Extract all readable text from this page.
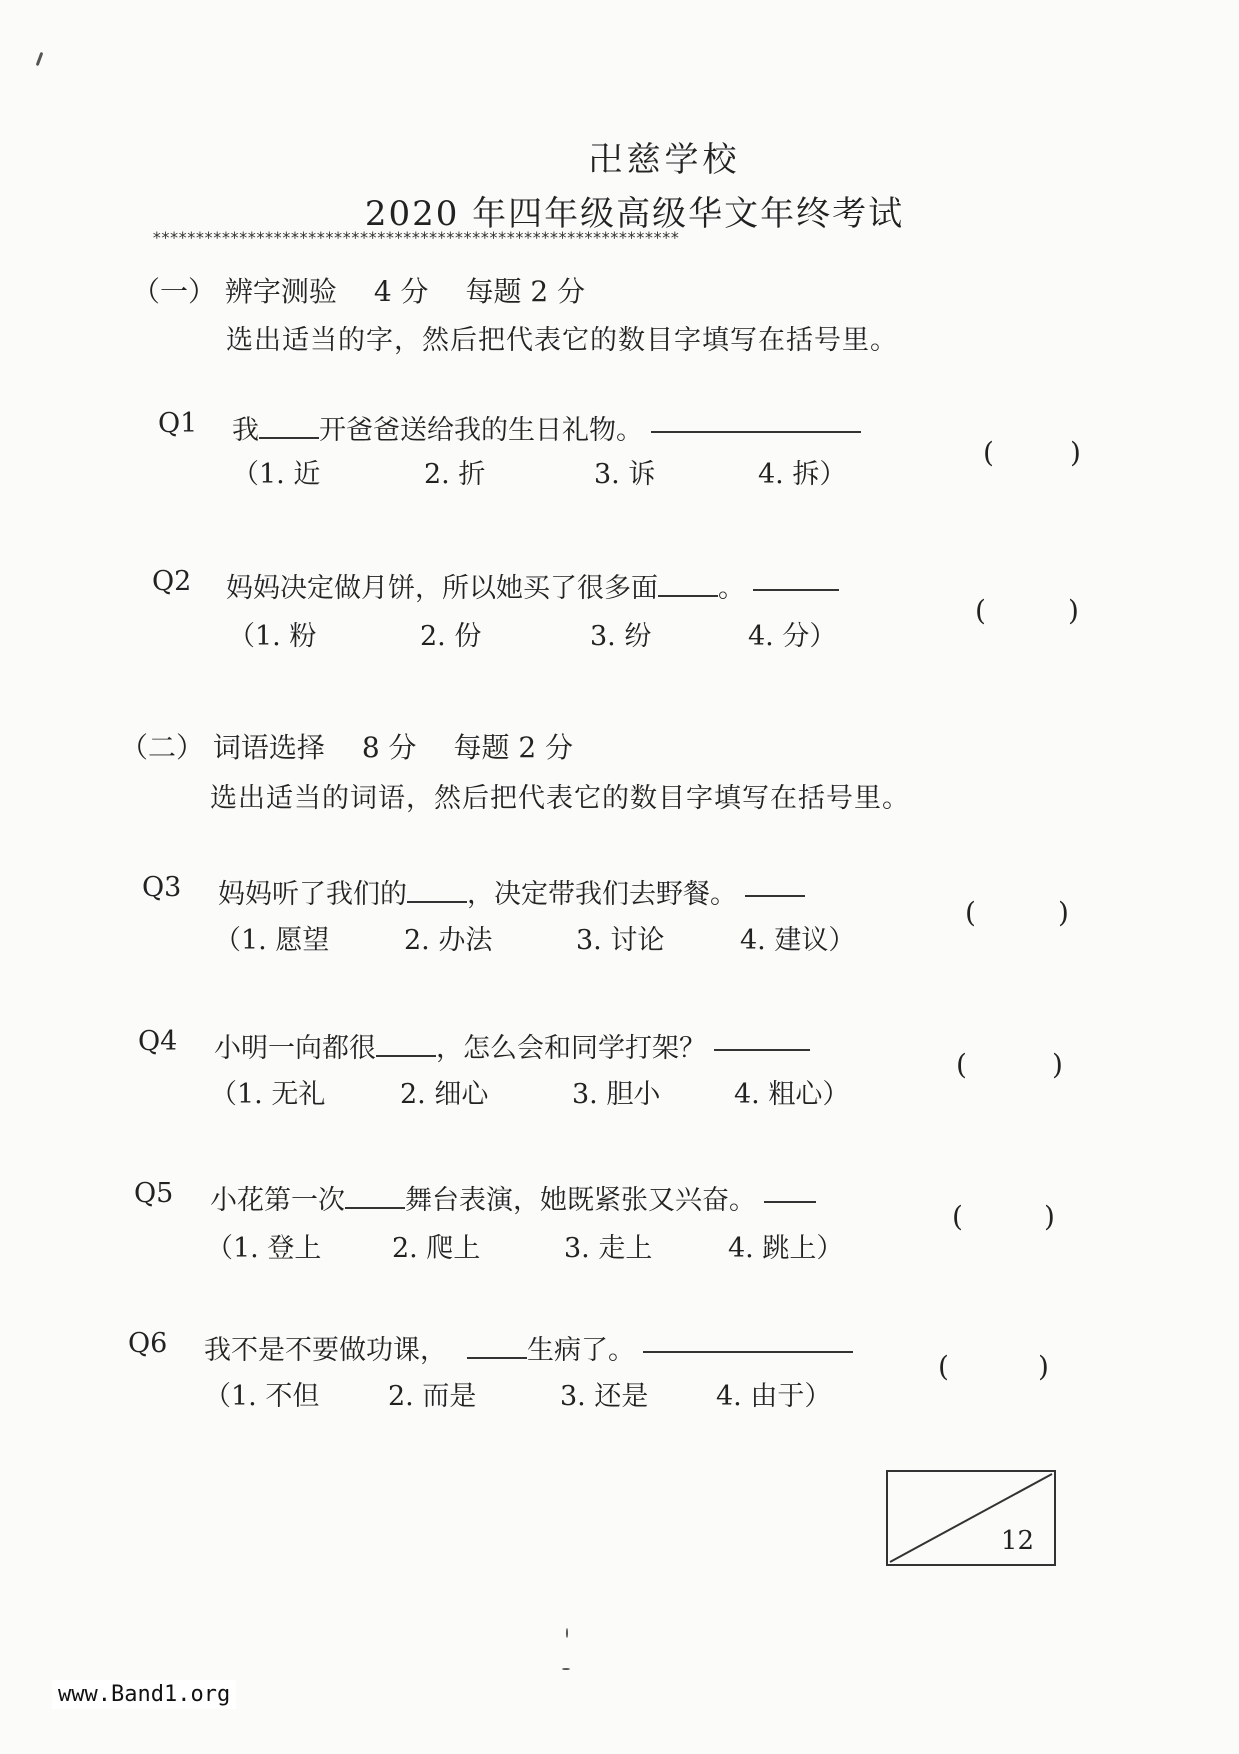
卍慈学校
2020 年四年级高级华文年终考试
*************************************************************
（一） 辨字测验 4 分 每题 2 分
选出适当的字，然后把代表它的数目字填写在括号里。
Q1 我 开爸爸送给我的生日礼物。
(	)
（1. 近	2. 折	3. 诉	4. 拆）
Q2 妈妈决定做月饼，所以她买了很多面 。
(	)
（1. 粉	2. 份	3. 纷	4. 分）
（二） 词语选择 8 分 每题 2 分
选出适当的词语，然后把代表它的数目字填写在括号里。
Q3 妈妈听了我们的 ，决定带我们去野餐。
(	)
（1. 愿望	2. 办法	3. 讨论	4. 建议）
Q4 小明一向都很 ，怎么会和同学打架？	(	)
（1. 无礼	2. 细心	3. 胆小	4. 粗心）
Q5 小花第一次 舞台表演，她既紧张又兴奋。	(	)
（1. 登上	2. 爬上	3. 走上	4. 跳上）
Q6 我不是不要做功课，	生病了。	(	)
（1. 不但	2. 而是	3. 还是	4. 由于）
12
www.Band1.org
